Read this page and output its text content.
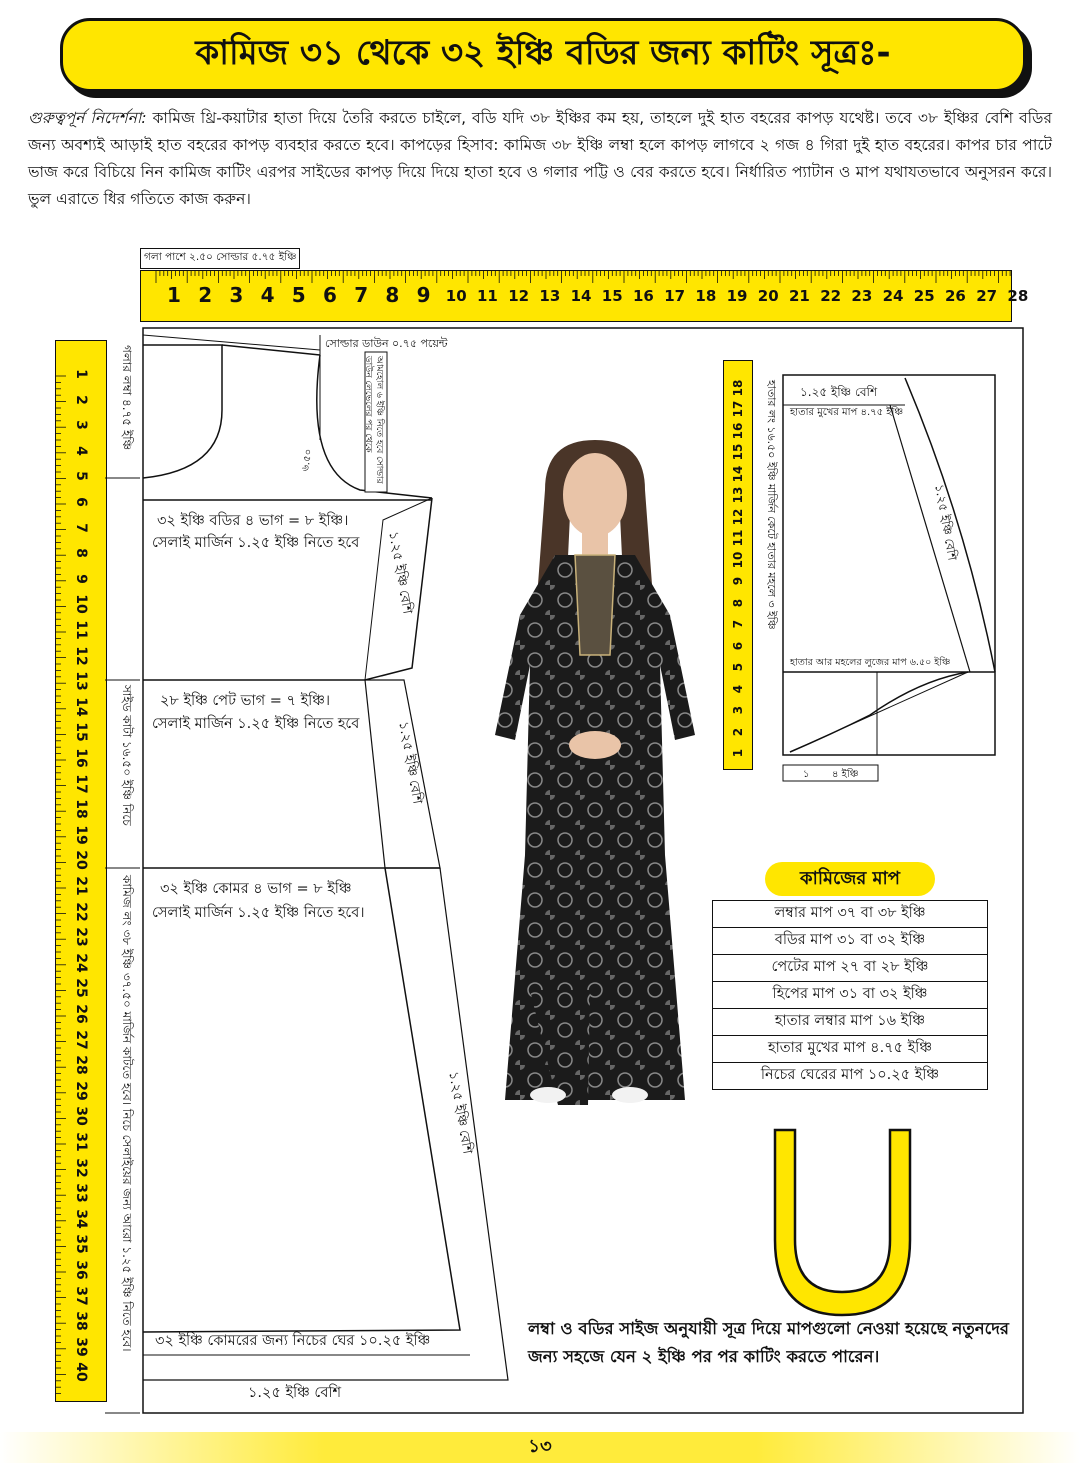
কামিজ ৩১ থেকে ৩২ ইঞ্চি বডির জন্য কাটিং সূত্রঃ-
গুরুত্বপূর্ন নিদের্শনা: কামিজ থ্রি-কয়াটার হাতা দিয়ে তৈরি করতে চাইলে, বডি যদি ৩৮ ইঞ্চির কম হয়, তাহলে দুই হাত বহরের কাপড় যথেষ্ট। তবে ৩৮ ইঞ্চির বেশি বডির জন্য অবশ্যই আড়াই হাত বহরের কাপড় ব্যবহার করতে হবে। কাপড়ের হিসাব: কামিজ ৩৮ ইঞ্চি লম্বা হলে কাপড় লাগবে ২ গজ ৪ গিরা দুই হাত বহরের। কাপর চার পাটে ভাজ করে বিচিয়ে নিন কামিজ কাটিং এরপর সাইডের কাপড় দিয়ে দিয়ে হাতা হবে ও গলার পট্টি ও বের করতে হবে। নির্ধারিত প্যাটান ও মাপ যথাযতভাবে অনুসরন করে। ভুল এরাতে ধির গতিতে কাজ করুন।
গলা পাশে ২.৫০ সোল্ডার ৫.৭৫ ইঞ্চি
1 2 3 4 5 6 7 8 9 10 11 12 13 14 15 16 17 18 19 20 21 22 23 24 25 26 27 28
1
2
3
4
5
6
7
8
9
10
11
12
13
14
15
16
17
18
19
20
21
22
23
24
25
26
27
28
29
30
31
32
33
34
35
36
37
38
39
40
সোল্ডার ডাউন ০.৭৫ পয়েন্ট
গলার লম্বা ৪.৭৫ ইঞ্চি	আমহোল ৬ ইঞ্চি নিতে হবে সোল্ডার ডাউন লেভেলের পর থেকে
৬.৫০
৩২ ইঞ্চি বডির ৪ ভাগ = ৮ ইঞ্চি।
সেলাই মার্জিন ১.২৫ ইঞ্চি নিতে হবে	১.২৫ ইঞ্চি বেশি
২৮ ইঞ্চি পেট ভাগ = ৭ ইঞ্চি।
সেলাই মার্জিন ১.২৫ ইঞ্চি নিতে হবে	১.২৫ ইঞ্চি বেশি
সাইড কাটা ১৬.৫০ ইঞ্চি নিচে
৩২ ইঞ্চি কোমর ৪ ভাগ = ৮ ইঞ্চি
সেলাই মার্জিন ১.২৫ ইঞ্চি নিতে হবে।
১.২৫ ইঞ্চি বেশি
কামিজ লং ৩৮ ইঞ্চি ৩৭.৫০ মার্জিন কাটতে হবে। নিচে সেলাইয়ের জন্য আরো ১.২৫ ইঞ্চি নিতে হবে। ৩২ ইঞ্চি কোমরের জন্য নিচের ঘের ১০.২৫ ইঞ্চি
১.২৫ ইঞ্চি বেশি
1
2
3
4
5
6
7
8
9
10
11
12
13
14
15
16
17
18	১.২৫ ইঞ্চি বেশি
হাতার মুখের মাপ ৪.৭৫ ইঞ্চি
১.২৫ ইঞ্চি বেশি
হাতার আর মহলের লুজের মাপ ৬.৫০ ইঞ্চি
হাতার লং ১৬.৫০ ইঞ্চি মার্জিন কেটে হাতার মহলে ৩ ইঞ্চি
১ ৪ ইঞ্চি
কামিজের মাপ
লম্বার মাপ ৩৭ বা ৩৮ ইঞ্চি
বডির মাপ ৩১ বা ৩২ ইঞ্চি
পেটের মাপ ২৭ বা ২৮ ইঞ্চি
হিপের মাপ ৩১ বা ৩২ ইঞ্চি
হাতার লম্বার মাপ ১৬ ইঞ্চি
হাতার মুখের মাপ ৪.৭৫ ইঞ্চি
নিচের ঘেরের মাপ ১০.২৫ ইঞ্চি
লম্বা ও বডির সাইজ অনুযায়ী সূত্র দিয়ে মাপগুলো নেওয়া হয়েছে নতুনদের জন্য সহজে যেন ২ ইঞ্চি পর পর কাটিং করতে পারেন।
১৩
